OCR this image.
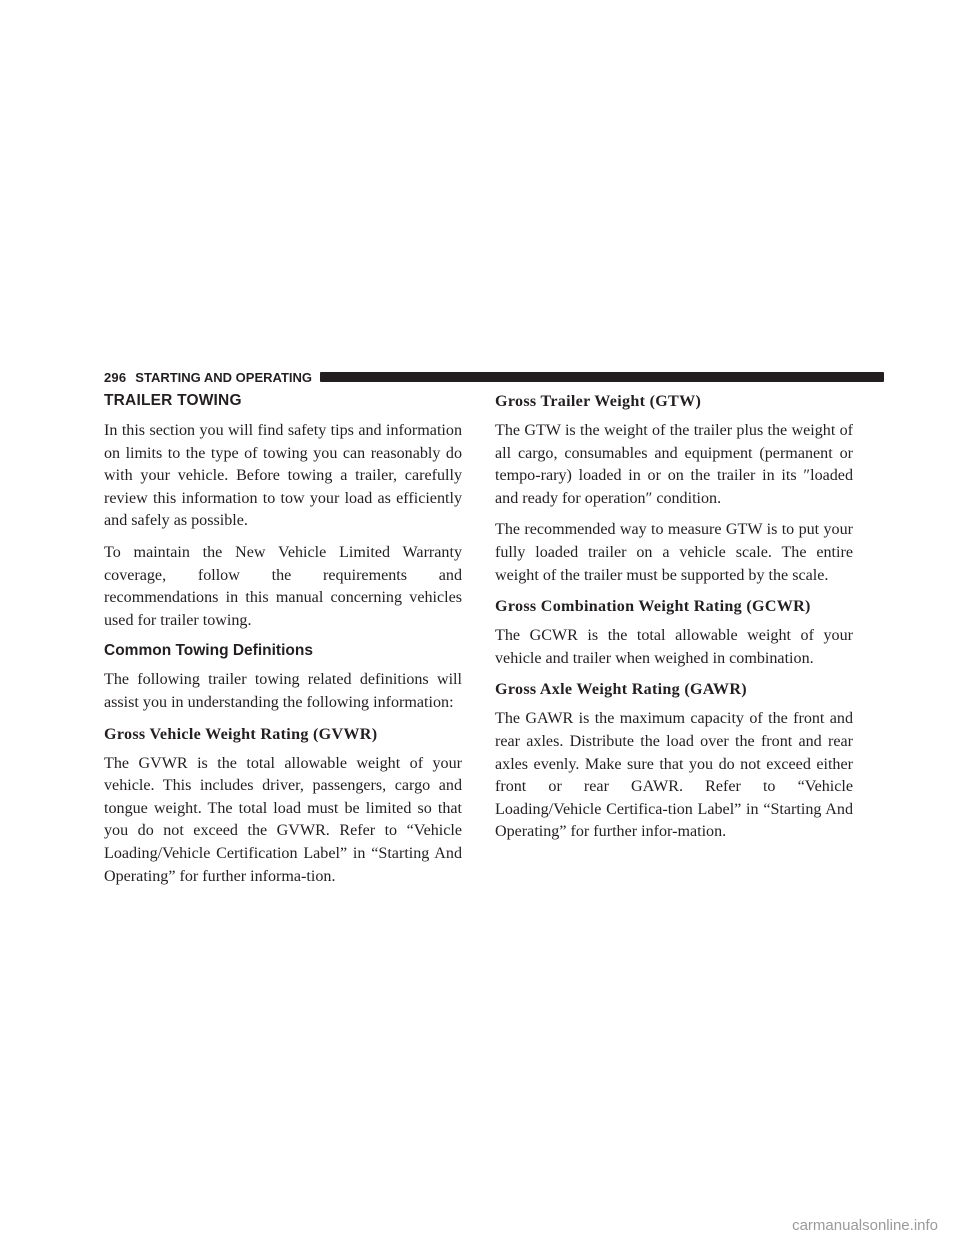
296 STARTING AND OPERATING
TRAILER TOWING

In this section you will find safety tips and information on limits to the type of towing you can reasonably do with your vehicle. Before towing a trailer, carefully review this information to tow your load as efficiently and safely as possible.

To maintain the New Vehicle Limited Warranty coverage, follow the requirements and recommendations in this manual concerning vehicles used for trailer towing.

Common Towing Definitions

The following trailer towing related definitions will assist you in understanding the following information:

Gross Vehicle Weight Rating (GVWR)

The GVWR is the total allowable weight of your vehicle. This includes driver, passengers, cargo and tongue weight. The total load must be limited so that you do not exceed the GVWR. Refer to “Vehicle Loading/Vehicle Certification Label” in “Starting And Operating” for further informa-tion.

Gross Trailer Weight (GTW)

The GTW is the weight of the trailer plus the weight of all cargo, consumables and equipment (permanent or tempo-rary) loaded in or on the trailer in its ″loaded and ready for operation″ condition.

The recommended way to measure GTW is to put your fully loaded trailer on a vehicle scale. The entire weight of the trailer must be supported by the scale.

Gross Combination Weight Rating (GCWR)

The GCWR is the total allowable weight of your vehicle and trailer when weighed in combination.

Gross Axle Weight Rating (GAWR)

The GAWR is the maximum capacity of the front and rear axles. Distribute the load over the front and rear axles evenly. Make sure that you do not exceed either front or rear GAWR. Refer to “Vehicle Loading/Vehicle Certifica-tion Label” in “Starting And Operating” for further infor-mation.

carmanualsonline.info
